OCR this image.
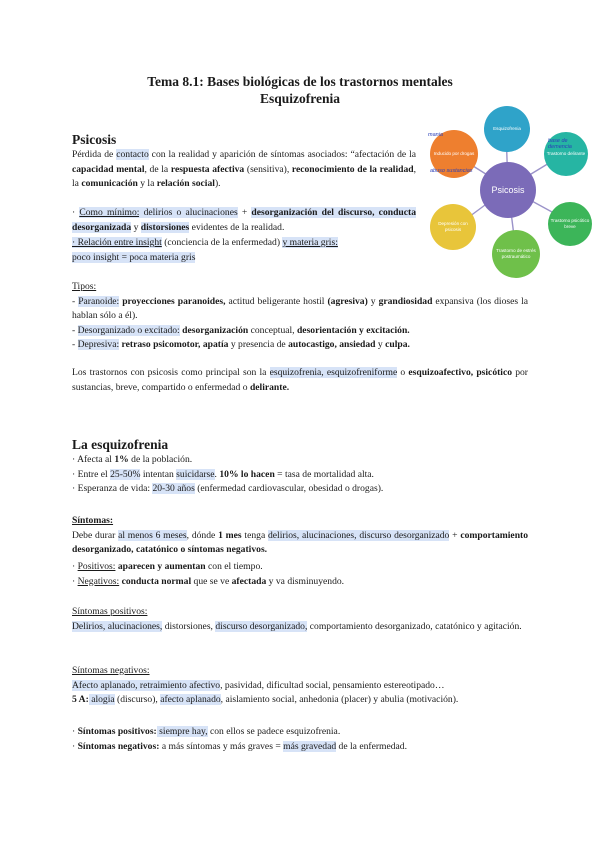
Tema 8.1: Bases biológicas de los trastornos mentales
Esquizofrenia
Psicosis
Pérdida de contacto con la realidad y aparición de síntomas asociados: “afectación de la capacidad mental, de la respuesta afectiva (sensitiva), reconocimiento de la realidad, la comunicación y la relación social).
· Como mínimo: delirios o alucinaciones + desorganización del discurso, conducta desorganizada y distorsiones evidentes de la realidad.
· Relación entre insight (conciencia de la enfermedad) y materia gris:
poco insight = poca materia gris
Tipos:
- Paranoide: proyecciones paranoides, actitud beligerante hostil (agresiva) y grandiosidad expansiva (los dioses la hablan sólo a él).
- Desorganizado o excitado: desorganización conceptual, desorientación y excitación.
- Depresiva: retraso psicomotor, apatía y presencia de autocastigo, ansiedad y culpa.
Los trastornos con psicosis como principal son la esquizofrenia, esquizofreniforme o esquizoafectivo, psicótico por sustancias, breve, compartido o enfermedad o delirante.
La esquizofrenia
· Afecta al 1% de la población.
· Entre el 25-50% intentan suicidarse. 10% lo hacen = tasa de mortalidad alta.
· Esperanza de vida: 20-30 años (enfermedad cardiovascular, obesidad o drogas).
Síntomas:
Debe durar al menos 6 meses, dónde 1 mes tenga delirios, alucinaciones, discurso desorganizado + comportamiento desorganizado, catatónico o síntomas negativos.
· Positivos: aparecen y aumentan con el tiempo.
· Negativos: conducta normal que se ve afectada y va disminuyendo.
Síntomas positivos:
Delirios, alucinaciones, distorsiones, discurso desorganizado, comportamiento desorganizado, catatónico y agitación.
Síntomas negativos:
Afecto aplanado, retraimiento afectivo, pasividad, dificultad social, pensamiento estereotipado…
5 A: alogia (discurso), afecto aplanado, aislamiento social, anhedonia (placer) y abulia (motivación).
· Síntomas positivos: siempre hay, con ellos se padece esquizofrenia.
· Síntomas negativos: a más síntomas y más graves = más gravedad de la enfermedad.
Esquizofrenia
Trastorno delirante
Trastorno psicótico breve
Trastorno de estrés postraumático
Depresión con psicosis
Inducido por drogas
Psicosis
mania
base de demencia
abuso sustancias
